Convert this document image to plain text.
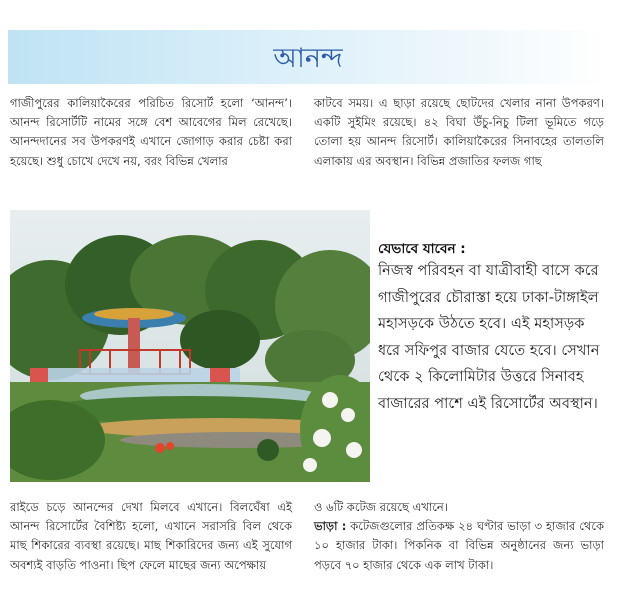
আনন্দ
গাজীপুরের কালিয়াকৈরের পরিচিত রিসোর্ট হলো ‘আনন্দ’। আনন্দ রিসোর্টটি নামের সঙ্গে বেশ আবেগের মিল রেখেছে। আনন্দদানের সব উপকরণই এখানে জোগাড় করার চেষ্টা করা হয়েছে। শুধু চোখে দেখে নয়, বরং বিভিন্ন খেলার
কাটবে সময়। এ ছাড়া রয়েছে ছোটদের খেলার নানা উপকরণ। একটি সুইমিং রয়েছে। ৪২ বিঘা উঁচু-নিচু টিলা ভূমিতে গড়ে তোলা হয় আনন্দ রিসোর্ট। কালিয়াকৈরের সিনাবহের তালতলি এলাকায় এর অবস্থান। বিভিন্ন প্রজাতির ফলজ গাছ
যেভাবে যাবেন :
নিজস্ব পরিবহন বা যাত্রীবাহী বাসে করে গাজীপুরের চৌরাস্তা হয়ে ঢাকা-টাঙ্গাইল মহাসড়কে উঠতে হবে। এই মহাসড়ক ধরে সফিপুর বাজার যেতে হবে। সেখান থেকে ২ কিলোমিটার উত্তরে সিনাবহ বাজারের পাশে এই রিসোর্টের অবস্থান।
রাইডে চড়ে আনন্দের দেখা মিলবে এখানে। বিলঘেঁষা এই আনন্দ রিসোর্টের বৈশিষ্ট্য হলো, এখানে সরাসরি বিল থেকে মাছ শিকারের ব্যবস্থা রয়েছে। মাছ শিকারিদের জন্য এই সুযোগ অবশ্যই বাড়তি পাওনা। ছিপ ফেলে মাছের জন্য অপেক্ষায়

ও ৬টি কটেজ রয়েছে এখানে।

ভাড়া : কটেজগুলোর প্রতিকক্ষ ২৪ ঘণ্টার ভাড়া ৩ হাজার থেকে ১০ হাজার টাকা। পিকনিক বা বিভিন্ন অনুষ্ঠানের জন্য ভাড়া পড়বে ৭০ হাজার থেকে এক লাখ টাকা।
